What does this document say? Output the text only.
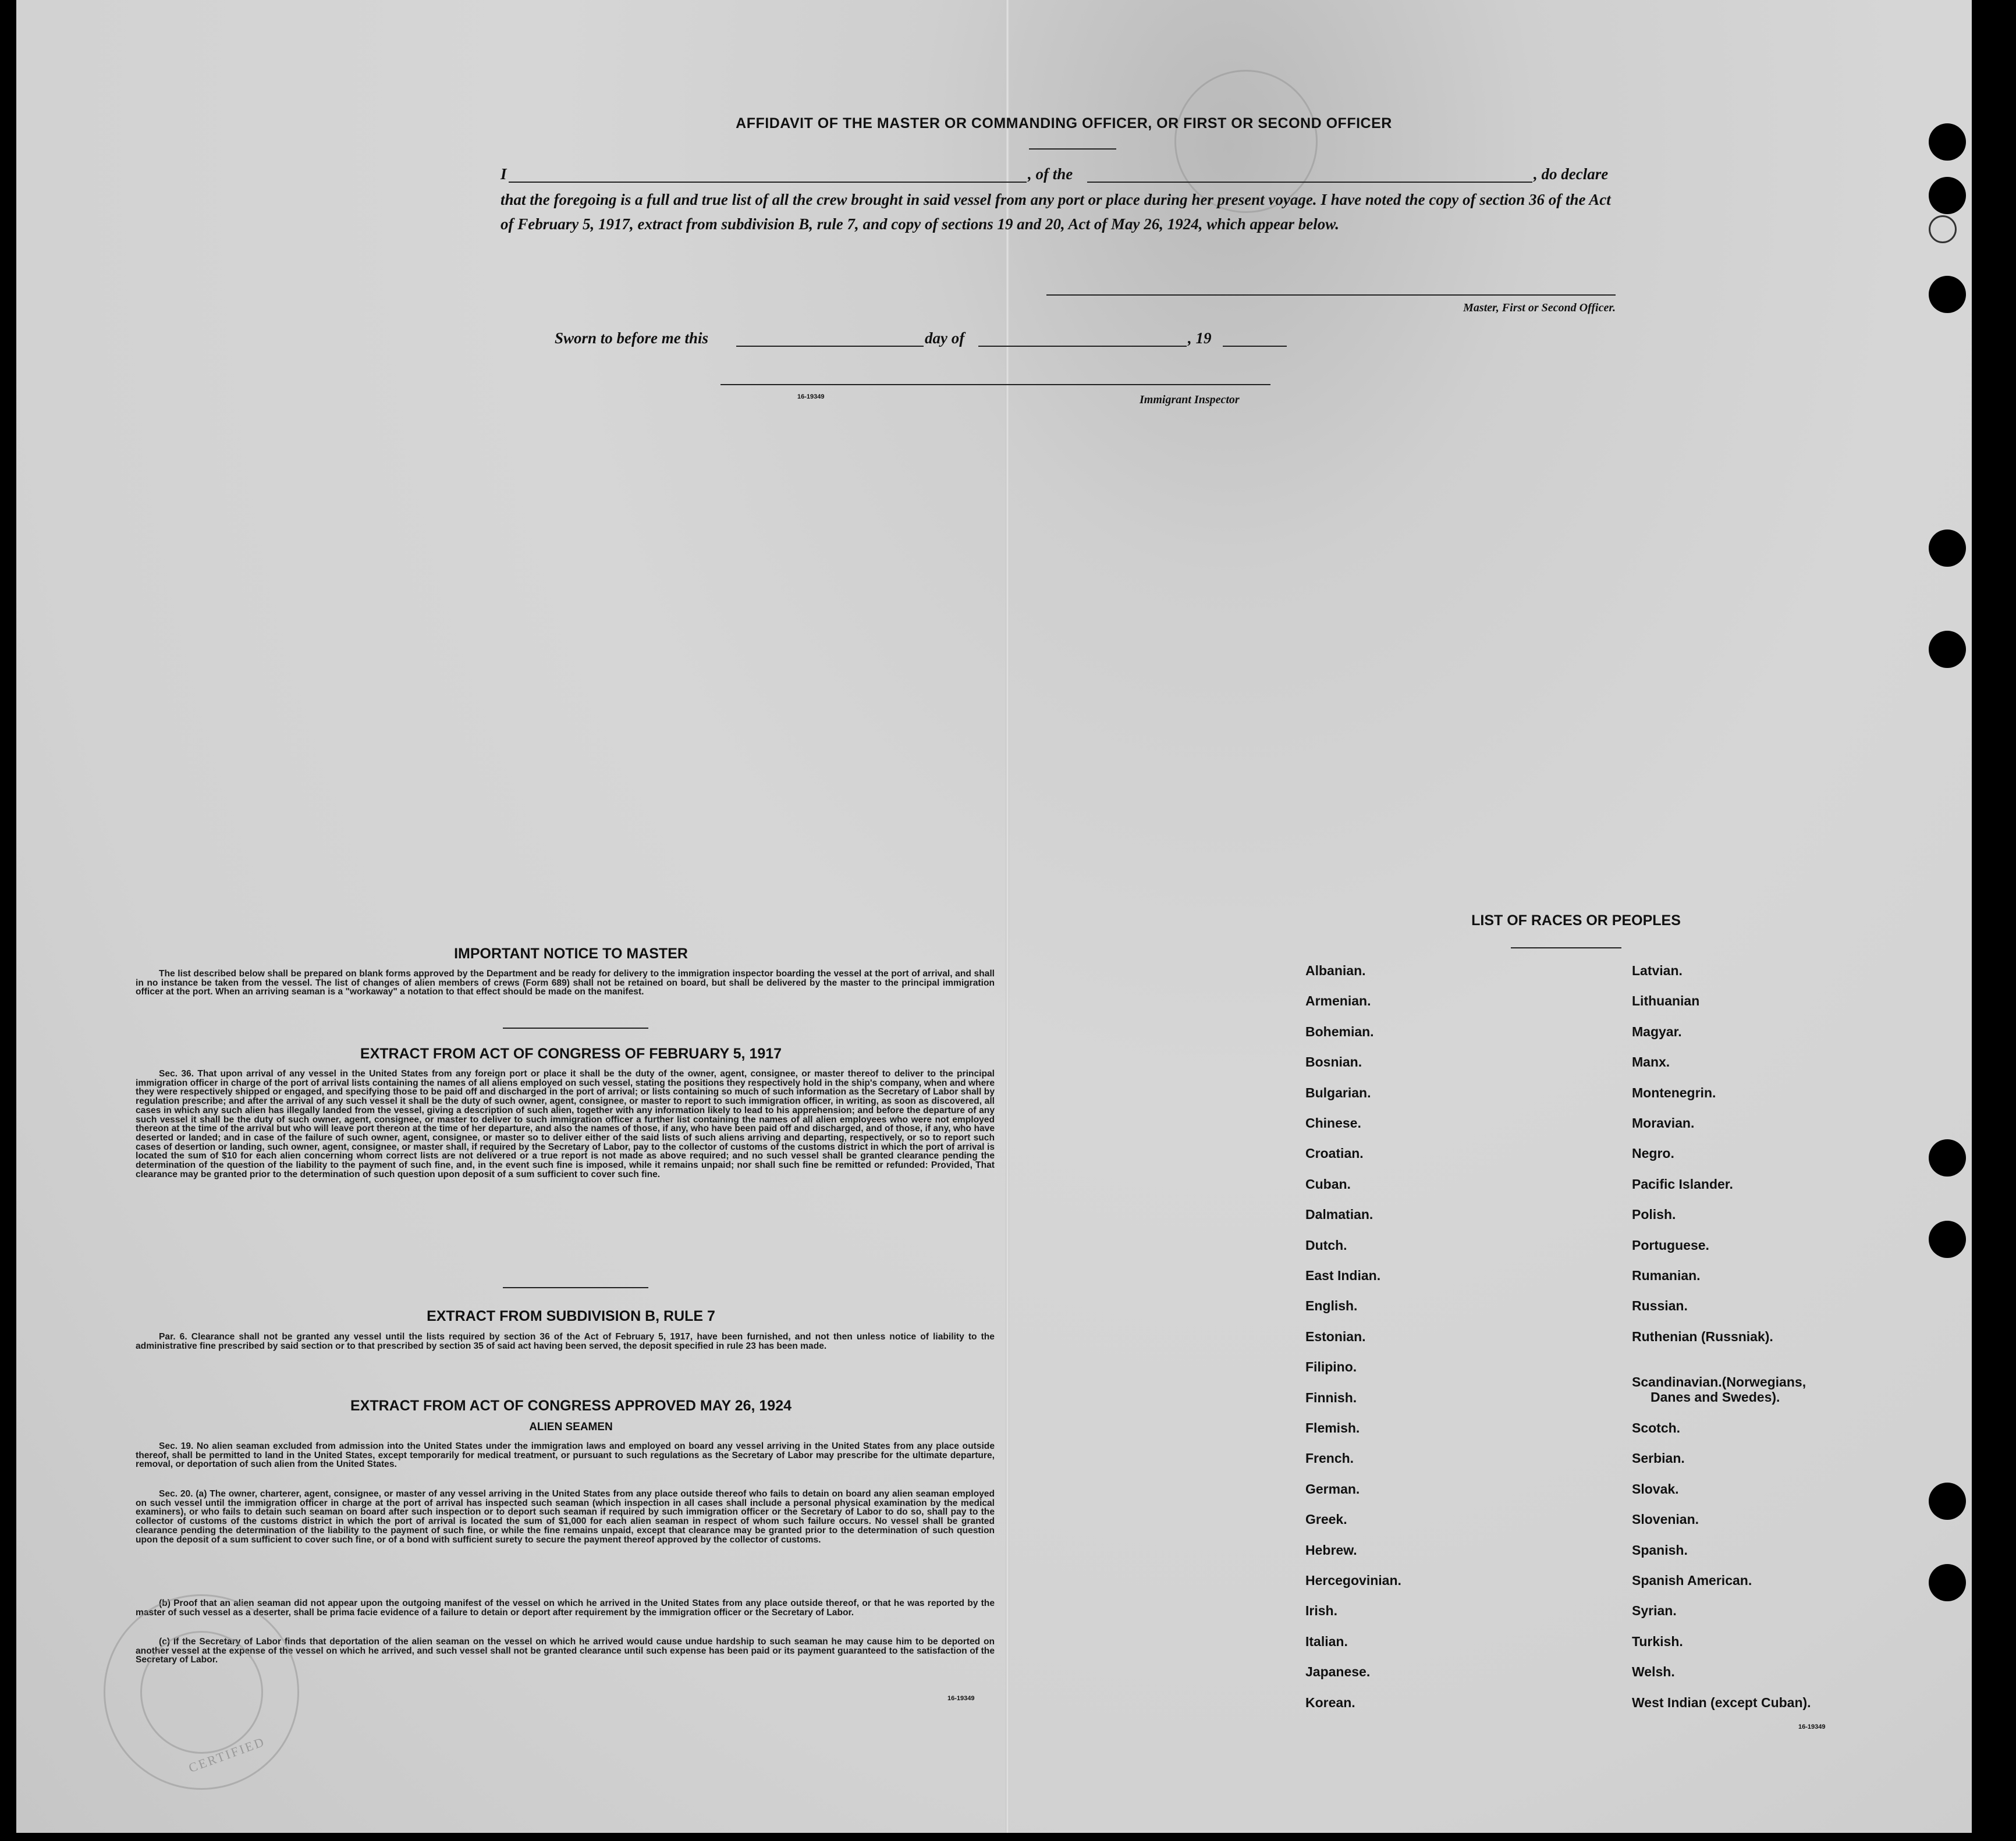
AFFIDAVIT OF THE MASTER OR COMMANDING OFFICER, OR FIRST OR SECOND OFFICER
I	, of the	, do declare
that the foregoing is a full and true list of all the crew brought in said vessel from any port or place during her present voyage. I have noted the copy of section 36 of the Act of February 5, 1917, extract from subdivision B, rule 7, and copy of sections 19 and 20, Act of May 26, 1924, which appear below.
Master, First or Second Officer.
Sworn to before me this	day of	, 19
16-19349	Immigrant Inspector
IMPORTANT NOTICE TO MASTER
The list described below shall be prepared on blank forms approved by the Department and be ready for delivery to the immigration inspector boarding the vessel at the port of arrival, and shall in no instance be taken from the vessel. The list of changes of alien members of crews (Form 689) shall not be retained on board, but shall be delivered by the master to the principal immigration officer at the port. When an arriving seaman is a "workaway" a notation to that effect should be made on the manifest.
EXTRACT FROM ACT OF CONGRESS OF FEBRUARY 5, 1917
Sec. 36. That upon arrival of any vessel in the United States from any foreign port or place it shall be the duty of the owner, agent, consignee, or master thereof to deliver to the principal immigration officer in charge of the port of arrival lists containing the names of all aliens employed on such vessel, stating the positions they respectively hold in the ship's company, when and where they were respectively shipped or engaged, and specifying those to be paid off and discharged in the port of arrival; or lists containing so much of such information as the Secretary of Labor shall by regulation prescribe; and after the arrival of any such vessel it shall be the duty of such owner, agent, consignee, or master to report to such immigration officer, in writing, as soon as discovered, all cases in which any such alien has illegally landed from the vessel, giving a description of such alien, together with any information likely to lead to his apprehension; and before the departure of any such vessel it shall be the duty of such owner, agent, consignee, or master to deliver to such immigration officer a further list containing the names of all alien employees who were not employed thereon at the time of the arrival but who will leave port thereon at the time of her departure, and also the names of those, if any, who have been paid off and discharged, and of those, if any, who have deserted or landed; and in case of the failure of such owner, agent, consignee, or master so to deliver either of the said lists of such aliens arriving and departing, respectively, or so to report such cases of desertion or landing, such owner, agent, consignee, or master shall, if required by the Secretary of Labor, pay to the collector of customs of the customs district in which the port of arrival is located the sum of $10 for each alien concerning whom correct lists are not delivered or a true report is not made as above required; and no such vessel shall be granted clearance pending the determination of the question of the liability to the payment of such fine, and, in the event such fine is imposed, while it remains unpaid; nor shall such fine be remitted or refunded: Provided, That clearance may be granted prior to the determination of such question upon deposit of a sum sufficient to cover such fine.
EXTRACT FROM SUBDIVISION B, RULE 7
Par. 6. Clearance shall not be granted any vessel until the lists required by section 36 of the Act of February 5, 1917, have been furnished, and not then unless notice of liability to the administrative fine prescribed by said section or to that prescribed by section 35 of said act having been served, the deposit specified in rule 23 has been made.
EXTRACT FROM ACT OF CONGRESS APPROVED MAY 26, 1924
ALIEN SEAMEN
Sec. 19. No alien seaman excluded from admission into the United States under the immigration laws and employed on board any vessel arriving in the United States from any place outside thereof, shall be permitted to land in the United States, except temporarily for medical treatment, or pursuant to such regulations as the Secretary of Labor may prescribe for the ultimate departure, removal, or deportation of such alien from the United States.
Sec. 20. (a) The owner, charterer, agent, consignee, or master of any vessel arriving in the United States from any place outside thereof who fails to detain on board any alien seaman employed on such vessel until the immigration officer in charge at the port of arrival has inspected such seaman (which inspection in all cases shall include a personal physical examination by the medical examiners), or who fails to detain such seaman on board after such inspection or to deport such seaman if required by such immigration officer or the Secretary of Labor to do so, shall pay to the collector of customs of the customs district in which the port of arrival is located the sum of $1,000 for each alien seaman in respect of whom such failure occurs. No vessel shall be granted clearance pending the determination of the liability to the payment of such fine, or while the fine remains unpaid, except that clearance may be granted prior to the determination of such question upon the deposit of a sum sufficient to cover such fine, or of a bond with sufficient surety to secure the payment thereof approved by the collector of customs.
(b) Proof that an alien seaman did not appear upon the outgoing manifest of the vessel on which he arrived in the United States from any place outside thereof, or that he was reported by the master of such vessel as a deserter, shall be prima facie evidence of a failure to detain or deport after requirement by the immigration officer or the Secretary of Labor.
(c) If the Secretary of Labor finds that deportation of the alien seaman on the vessel on which he arrived would cause undue hardship to such seaman he may cause him to be deported on another vessel at the expense of the vessel on which he arrived, and such vessel shall not be granted clearance until such expense has been paid or its payment guaranteed to the satisfaction of the Secretary of Labor.
16-19349
CERTIFIED
LIST OF RACES OR PEOPLES
16-19349
Albanian.
Armenian.
Bohemian.
Bosnian.
Bulgarian.
Chinese.
Croatian.
Cuban.
Dalmatian.
Dutch.
East Indian.
English.
Estonian.
Filipino.
Finnish.
Flemish.
French.
German.
Greek.
Hebrew.
Hercegovinian.
Irish.
Italian.
Japanese.
Korean.
Latvian.
Lithuanian
Magyar.
Manx.
Montenegrin.
Moravian.
Negro.
Pacific Islander.
Polish.
Portuguese.
Rumanian.
Russian.
Ruthenian (Russniak).
Scandinavian.(Norwegians,
Danes and Swedes).
Scotch.
Serbian.
Slovak.
Slovenian.
Spanish.
Spanish American.
Syrian.
Turkish.
Welsh.
West Indian (except Cuban).
